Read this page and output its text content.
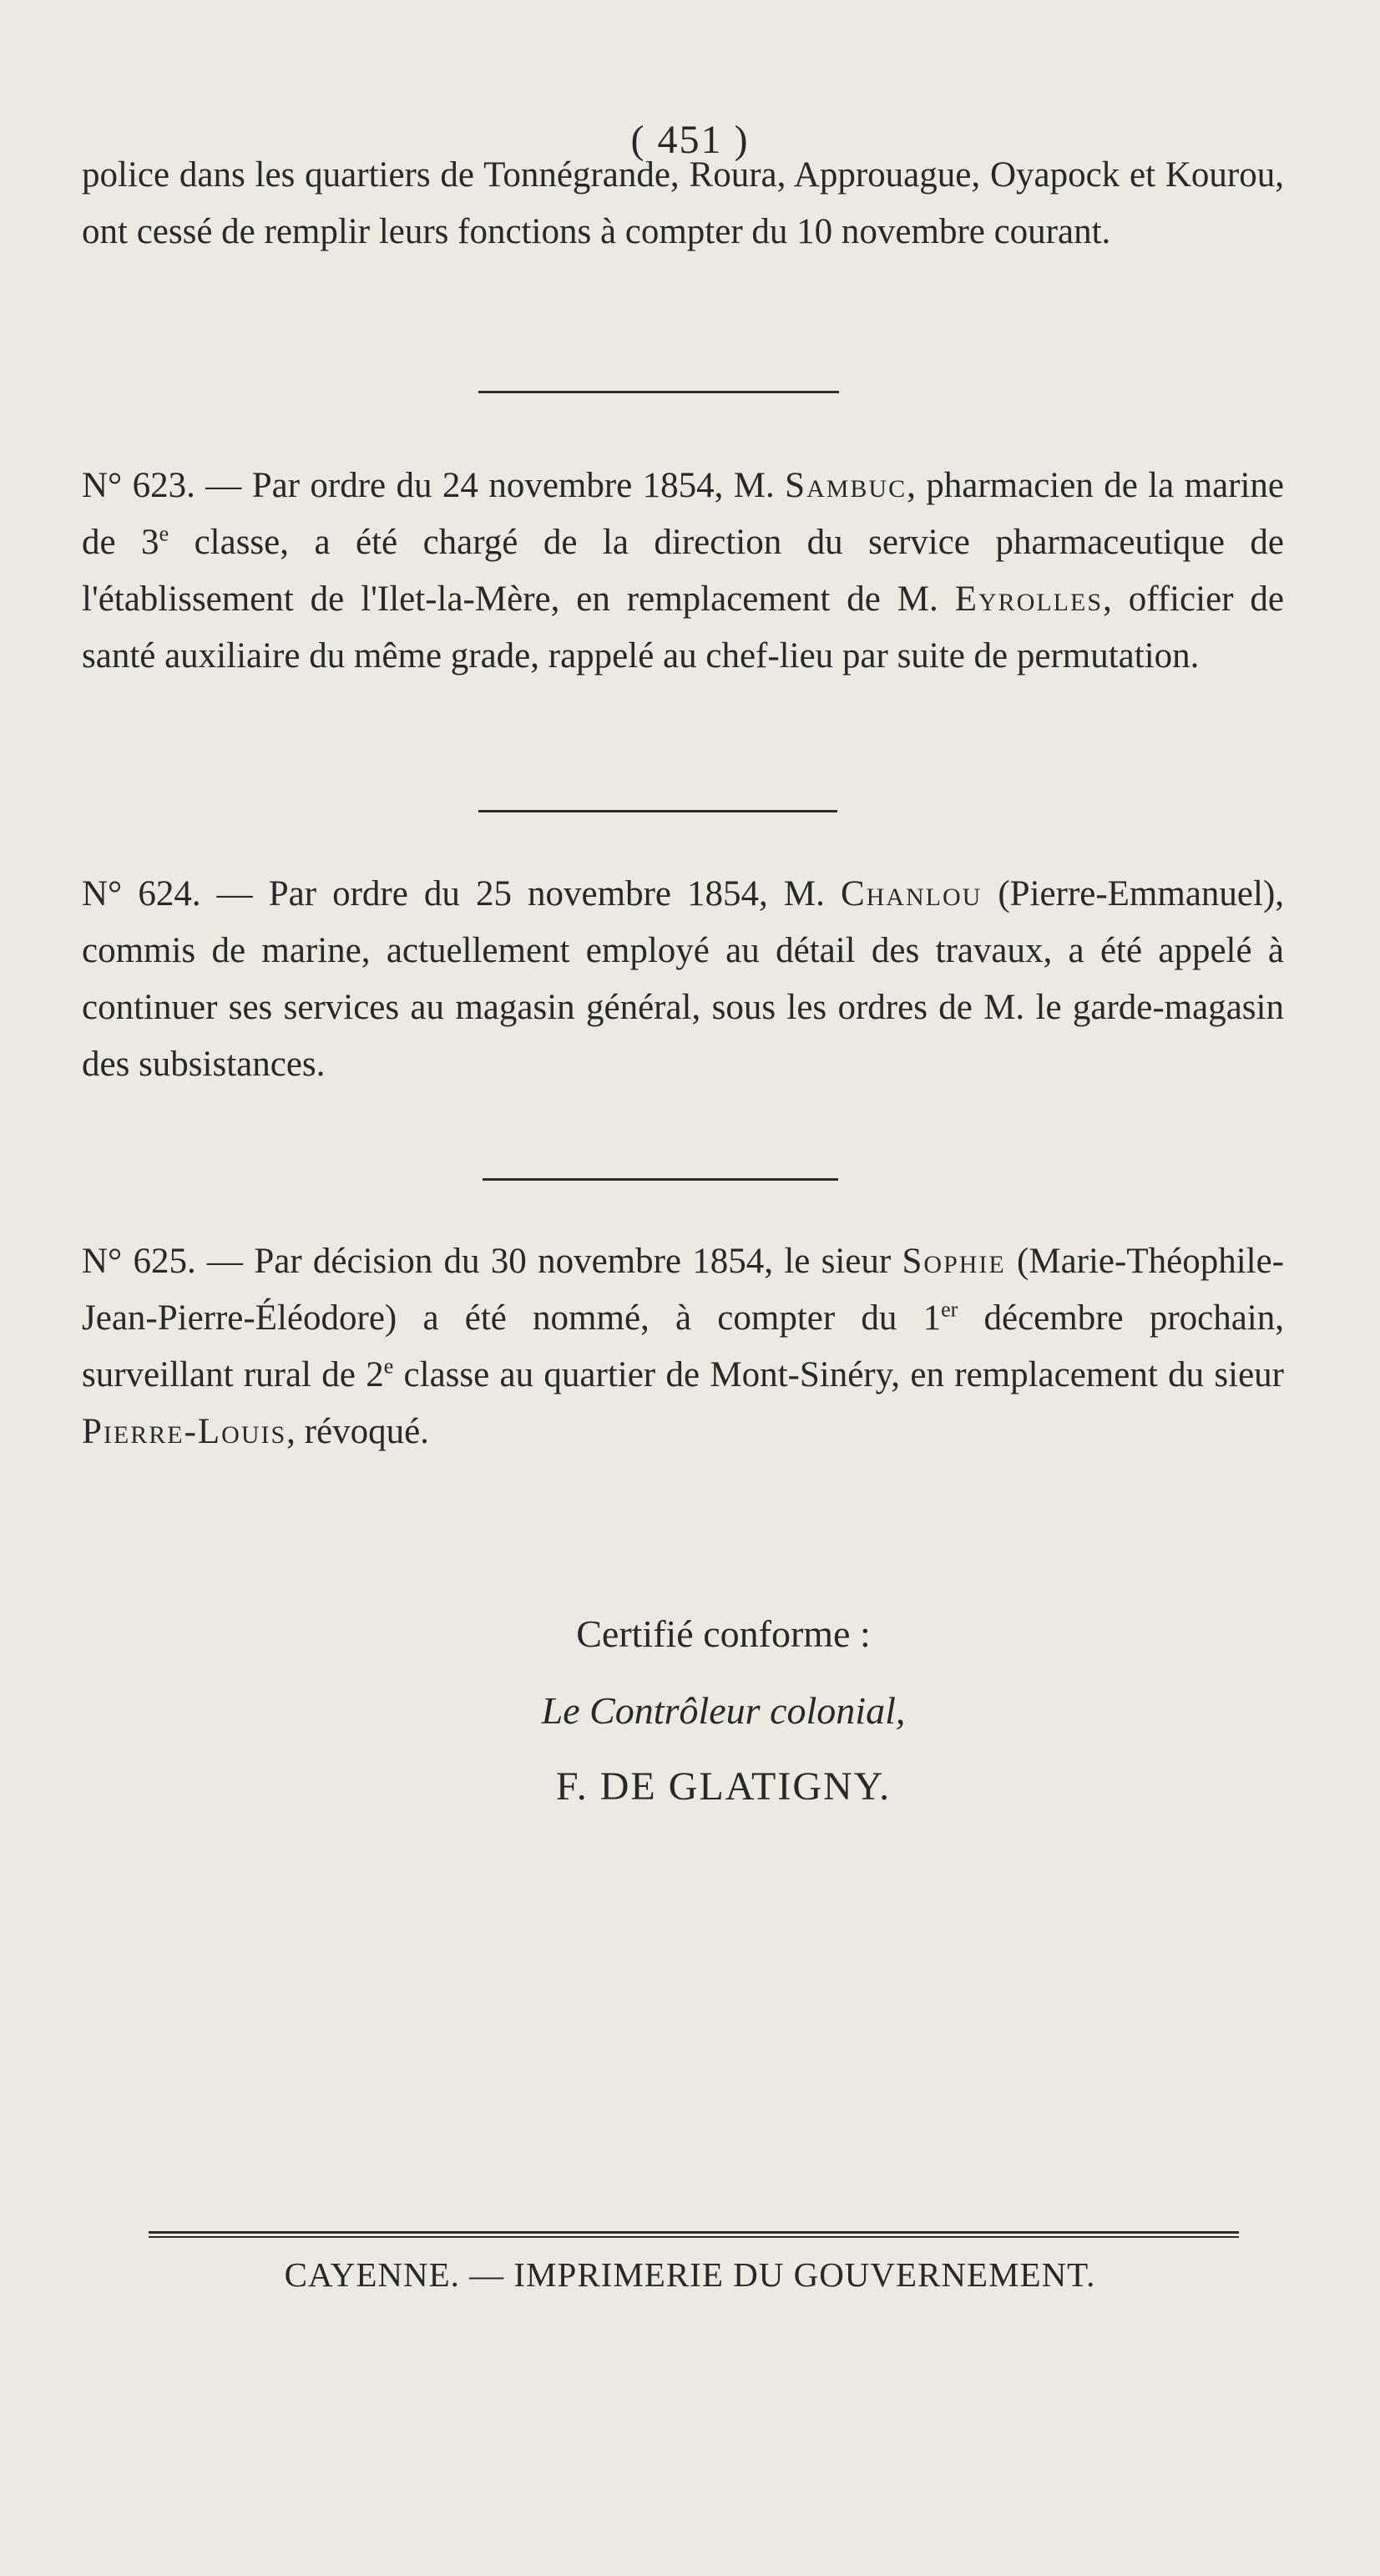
( 451 )

police dans les quartiers de Tonnégrande, Roura, Approuague, Oyapock et Kourou, ont cessé de remplir leurs fonctions à compter du 10 novembre courant.

N° 623. — Par ordre du 24 novembre 1854, M. Sambuc, pharmacien de la marine de 3e classe, a été chargé de la direction du service pharmaceutique de l'établissement de l'Ilet-la-Mère, en remplacement de M. Eyrolles, officier de santé auxiliaire du même grade, rappelé au chef-lieu par suite de permutation.

N° 624. — Par ordre du 25 novembre 1854, M. Chanlou (Pierre-Emmanuel), commis de marine, actuellement employé au détail des travaux, a été appelé à continuer ses services au magasin général, sous les ordres de M. le garde-magasin des subsistances.

N° 625. — Par décision du 30 novembre 1854, le sieur Sophie (Marie-Théophile-Jean-Pierre-Éléodore) a été nommé, à compter du 1er décembre prochain, surveillant rural de 2e classe au quartier de Mont-Sinéry, en remplacement du sieur Pierre-Louis, révoqué.

Certifié conforme :
Le Contrôleur colonial,
F. DE GLATIGNY.
CAYENNE. — IMPRIMERIE DU GOUVERNEMENT.
